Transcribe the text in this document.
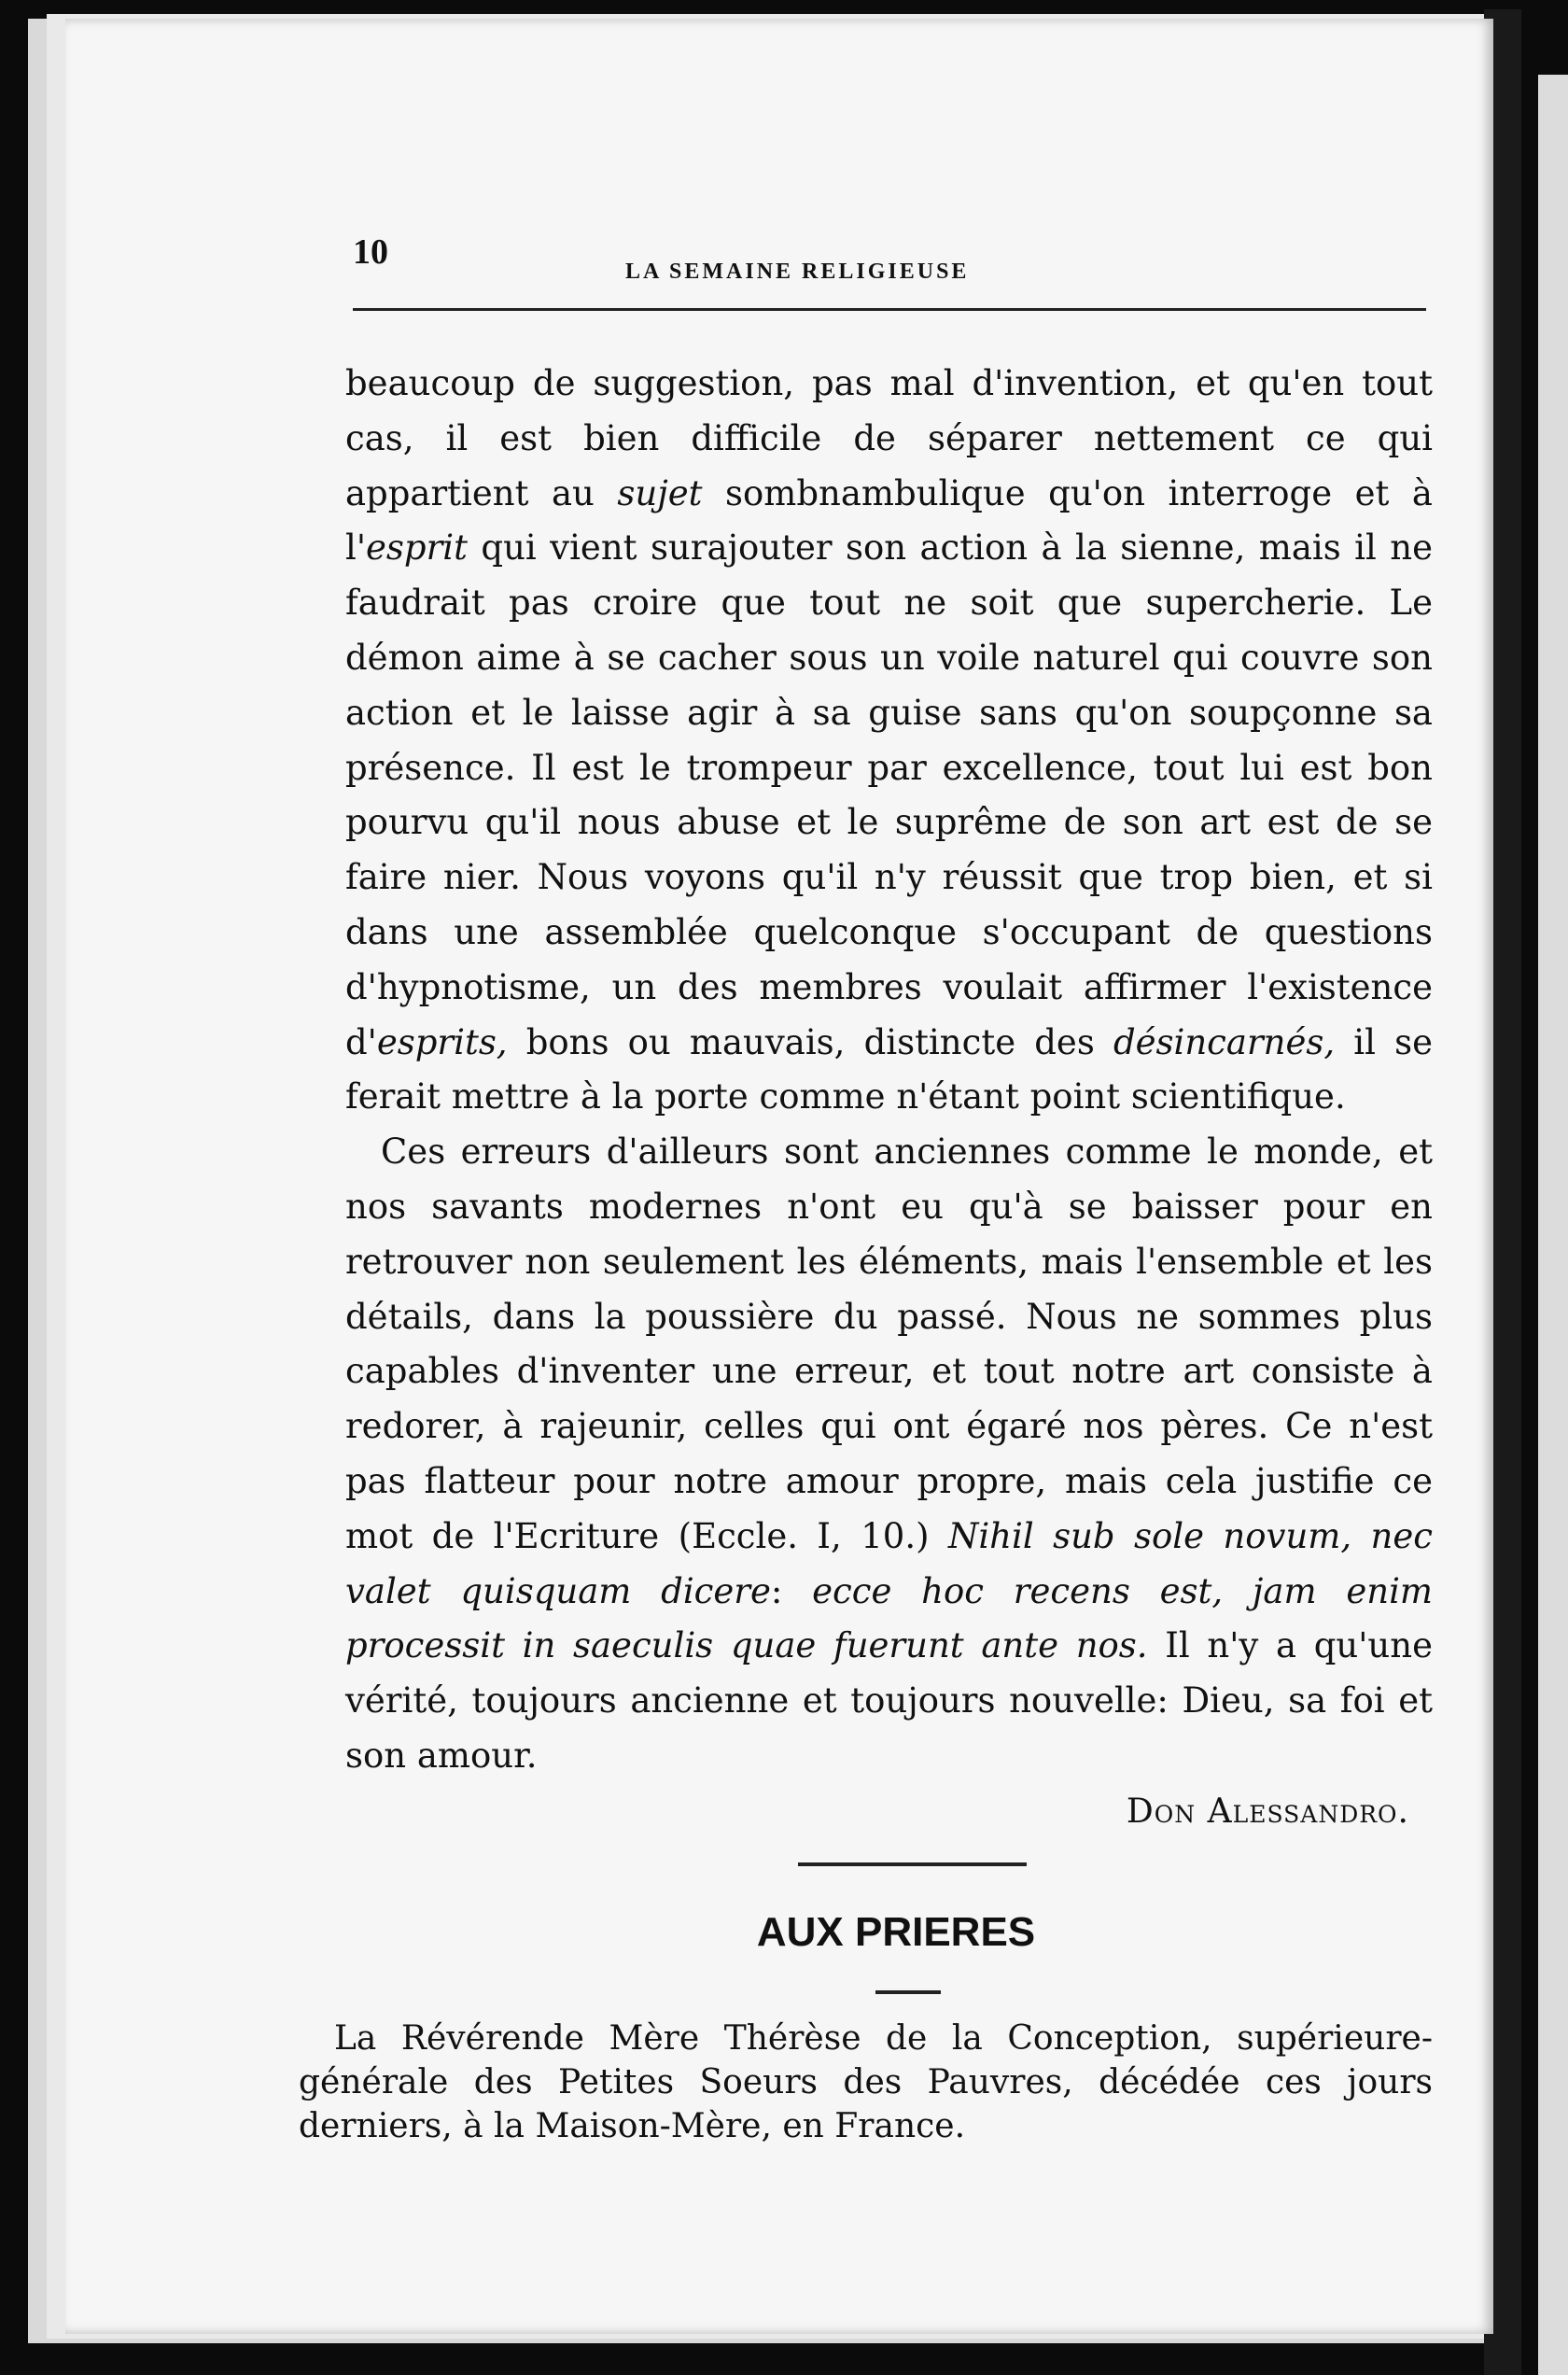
10	LA SEMAINE RELIGIEUSE

beaucoup de suggestion, pas mal d'invention, et qu'en tout cas, il est bien difficile de séparer nettement ce qui appartient au sujet sombnambulique qu'on interroge et à l'esprit qui vient surajouter son action à la sienne, mais il ne faudrait pas croire que tout ne soit que supercherie. Le démon aime à se cacher sous un voile naturel qui couvre son action et le laisse agir à sa guise sans qu'on soupçonne sa présence. Il est le trompeur par excellence, tout lui est bon pourvu qu'il nous abuse et le suprême de son art est de se faire nier. Nous voyons qu'il n'y réussit que trop bien, et si dans une assemblée quelconque s'occupant de questions d'hypnotisme, un des membres voulait affirmer l'existence d'esprits, bons ou mauvais, distincte des désincarnés, il se ferait mettre à la porte comme n'étant point scientifique.

Ces erreurs d'ailleurs sont anciennes comme le monde, et nos savants modernes n'ont eu qu'à se baisser pour en retrouver non seulement les éléments, mais l'ensemble et les détails, dans la poussière du passé. Nous ne sommes plus capables d'inventer une erreur, et tout notre art consiste à redorer, à rajeunir, celles qui ont égaré nos pères. Ce n'est pas flatteur pour notre amour propre, mais cela justifie ce mot de l'Ecriture (Eccle. I, 10.) Nihil sub sole novum, nec valet quisquam dicere: ecce hoc recens est, jam enim processit in saeculis quae fuerunt ante nos. Il n'y a qu'une vérité, toujours ancienne et toujours nouvelle: Dieu, sa foi et son amour.

Don Alessandro.
AUX PRIERES
La Révérende Mère Thérèse de la Conception, supérieure-générale des Petites Soeurs des Pauvres, décédée ces jours derniers, à la Maison-Mère, en France.
